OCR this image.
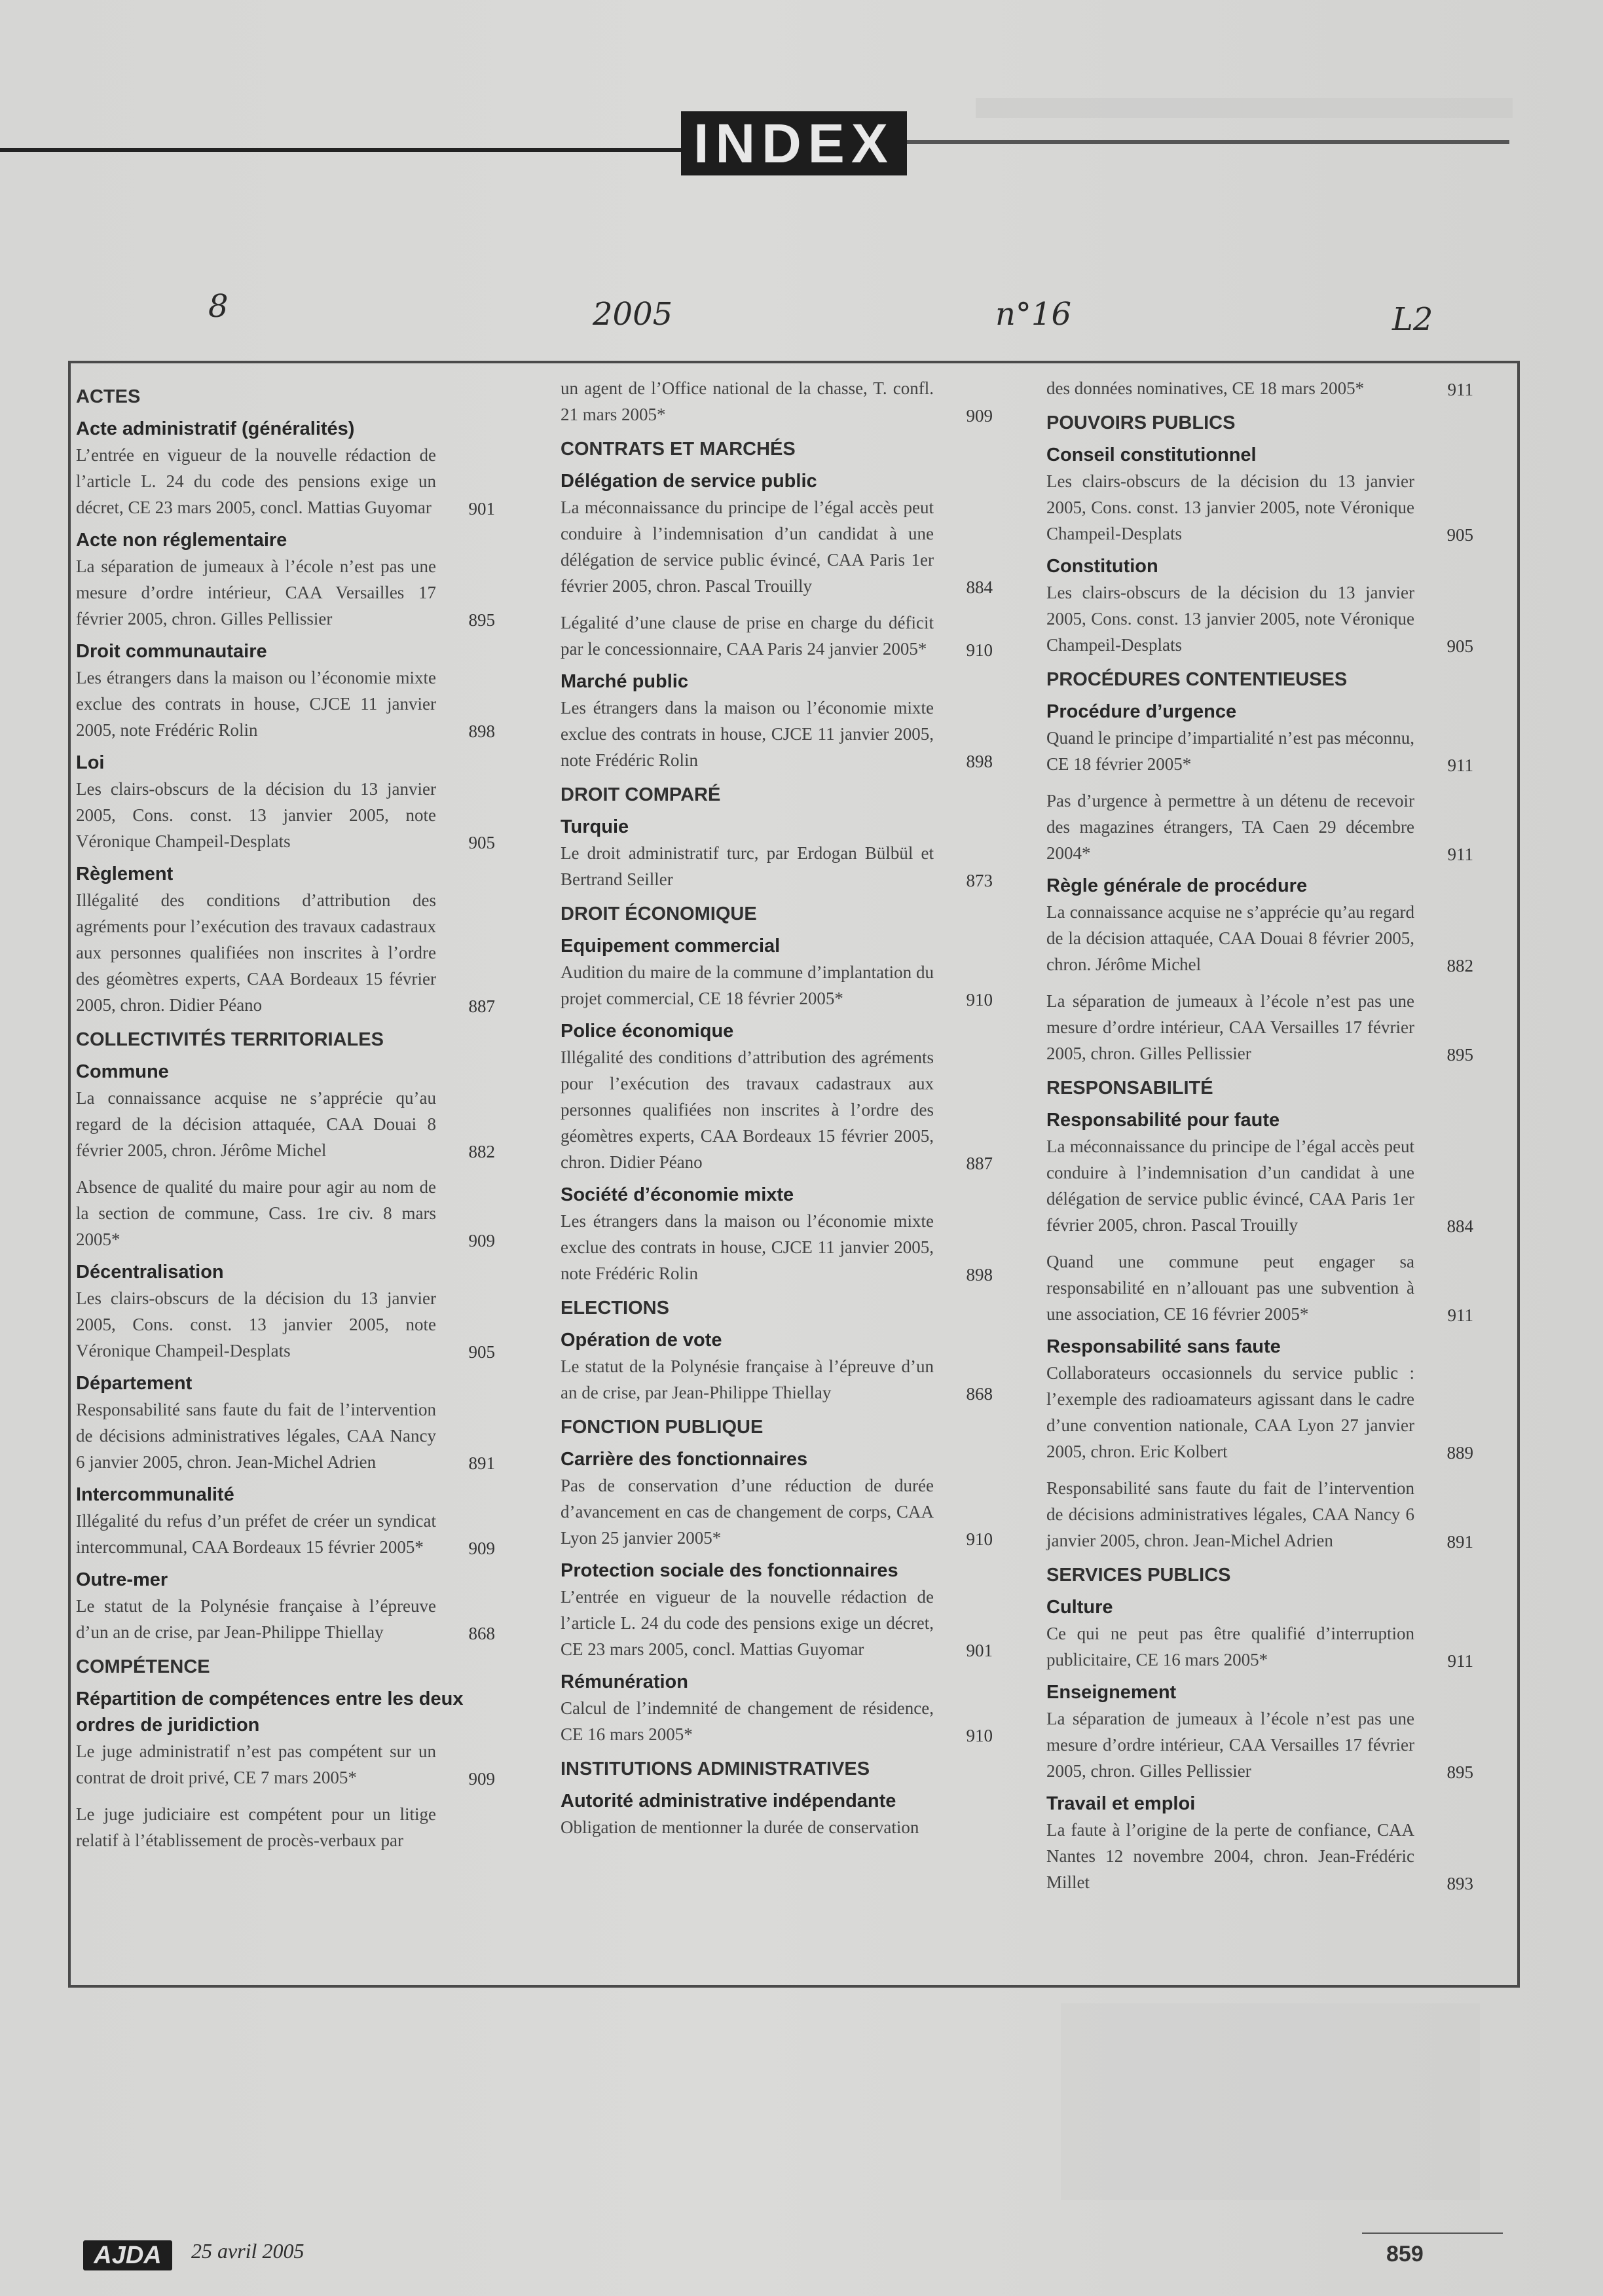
INDEX
8	2005	n°16	L2
ACTES
Acte administratif (généralités)
L’entrée en vigueur de la nouvelle rédaction de l’article L. 24 du code des pensions exige un décret, CE 23 mars 2005, concl. Mattias Guyomar 901
Acte non réglementaire
La séparation de jumeaux à l’école n’est pas une mesure d’ordre intérieur, CAA Versailles 17 février 2005, chron. Gilles Pellissier	895
Droit communautaire
Les étrangers dans la maison ou l’économie mixte exclue des contrats in house, CJCE 11 janvier 2005, note Frédéric Rolin	898
Loi
Les clairs-obscurs de la décision du 13 janvier 2005, Cons. const. 13 janvier 2005, note Véronique Champeil-Desplats	905
Règlement
Illégalité des conditions d’attribution des agréments pour l’exécution des travaux cadastraux aux personnes qualifiées non inscrites à l’ordre des géomètres experts, CAA Bordeaux 15 février 2005, chron. Didier Péano	887
COLLECTIVITÉS TERRITORIALES
Commune
La connaissance acquise ne s’apprécie qu’au regard de la décision attaquée, CAA Douai 8 février 2005, chron. Jérôme Michel	882
Absence de qualité du maire pour agir au nom de la section de commune, Cass. 1re civ. 8 mars 2005*	909
Décentralisation
Les clairs-obscurs de la décision du 13 janvier 2005, Cons. const. 13 janvier 2005, note Véronique Champeil-Desplats	905
Département
Responsabilité sans faute du fait de l’intervention de décisions administratives légales, CAA Nancy 6 janvier 2005, chron. Jean-Michel Adrien	891
Intercommunalité
Illégalité du refus d’un préfet de créer un syndicat intercommunal, CAA Bordeaux 15 février 2005*	909
Outre-mer
Le statut de la Polynésie française à l’épreuve d’un an de crise, par Jean-Philippe Thiellay	868
COMPÉTENCE
Répartition de compétences entre les deux ordres de juridiction
Le juge administratif n’est pas compétent sur un contrat de droit privé, CE 7 mars 2005*	909
Le juge judiciaire est compétent pour un litige relatif à l’établissement de procès-verbaux par
un agent de l’Office national de la chasse, T. confl. 21 mars 2005*	909
CONTRATS ET MARCHÉS
Délégation de service public
La méconnaissance du principe de l’égal accès peut conduire à l’indemnisation d’un candidat à une délégation de service public évincé, CAA Paris 1er février 2005, chron. Pascal Trouilly	884
Légalité d’une clause de prise en charge du déficit par le concessionnaire, CAA Paris 24 janvier 2005* 910
Marché public
Les étrangers dans la maison ou l’économie mixte exclue des contrats in house, CJCE 11 janvier 2005, note Frédéric Rolin	898
DROIT COMPARÉ
Turquie
Le droit administratif turc, par Erdogan Bülbül et Bertrand Seiller	873
DROIT ÉCONOMIQUE
Equipement commercial
Audition du maire de la commune d’implantation du projet commercial, CE 18 février 2005*	910
Police économique
Illégalité des conditions d’attribution des agréments pour l’exécution des travaux cadastraux aux personnes qualifiées non inscrites à l’ordre des géomètres experts, CAA Bordeaux 15 février 2005, chron. Didier Péano	887
Société d’économie mixte
Les étrangers dans la maison ou l’économie mixte exclue des contrats in house, CJCE 11 janvier 2005, note Frédéric Rolin	898
ELECTIONS
Opération de vote
Le statut de la Polynésie française à l’épreuve d’un an de crise, par Jean-Philippe Thiellay	868
FONCTION PUBLIQUE
Carrière des fonctionnaires
Pas de conservation d’une réduction de durée d’avancement en cas de changement de corps, CAA Lyon 25 janvier 2005*	910
Protection sociale des fonctionnaires
L’entrée en vigueur de la nouvelle rédaction de l’article L. 24 du code des pensions exige un décret, CE 23 mars 2005, concl. Mattias Guyomar	901
Rémunération
Calcul de l’indemnité de changement de résidence, CE 16 mars 2005*	910
INSTITUTIONS ADMINISTRATIVES
Autorité administrative indépendante
Obligation de mentionner la durée de conservation
des données nominatives, CE 18 mars 2005*	911
POUVOIRS PUBLICS
Conseil constitutionnel
Les clairs-obscurs de la décision du 13 janvier 2005, Cons. const. 13 janvier 2005, note Véronique Champeil-Desplats	905
Constitution
Les clairs-obscurs de la décision du 13 janvier 2005, Cons. const. 13 janvier 2005, note Véronique Champeil-Desplats	905
PROCÉDURES CONTENTIEUSES
Procédure d’urgence
Quand le principe d’impartialité n’est pas méconnu, CE 18 février 2005*	911
Pas d’urgence à permettre à un détenu de recevoir des magazines étrangers, TA Caen 29 décembre 2004*	911
Règle générale de procédure
La connaissance acquise ne s’apprécie qu’au regard de la décision attaquée, CAA Douai 8 février 2005, chron. Jérôme Michel	882
La séparation de jumeaux à l’école n’est pas une mesure d’ordre intérieur, CAA Versailles 17 février 2005, chron. Gilles Pellissier	895
RESPONSABILITÉ
Responsabilité pour faute
La méconnaissance du principe de l’égal accès peut conduire à l’indemnisation d’un candidat à une délégation de service public évincé, CAA Paris 1er février 2005, chron. Pascal Trouilly	884
Quand une commune peut engager sa responsabilité en n’allouant pas une subvention à une association, CE 16 février 2005*	911
Responsabilité sans faute
Collaborateurs occasionnels du service public : l’exemple des radioamateurs agissant dans le cadre d’une convention nationale, CAA Lyon 27 janvier 2005, chron. Eric Kolbert	889
Responsabilité sans faute du fait de l’intervention de décisions administratives légales, CAA Nancy 6 janvier 2005, chron. Jean-Michel Adrien	891
SERVICES PUBLICS
Culture
Ce qui ne peut pas être qualifié d’interruption publicitaire, CE 16 mars 2005*	911
Enseignement
La séparation de jumeaux à l’école n’est pas une mesure d’ordre intérieur, CAA Versailles 17 février 2005, chron. Gilles Pellissier	895
Travail et emploi
La faute à l’origine de la perte de confiance, CAA Nantes 12 novembre 2004, chron. Jean-Frédéric Millet	893
AJDA	25 avril 2005	859
